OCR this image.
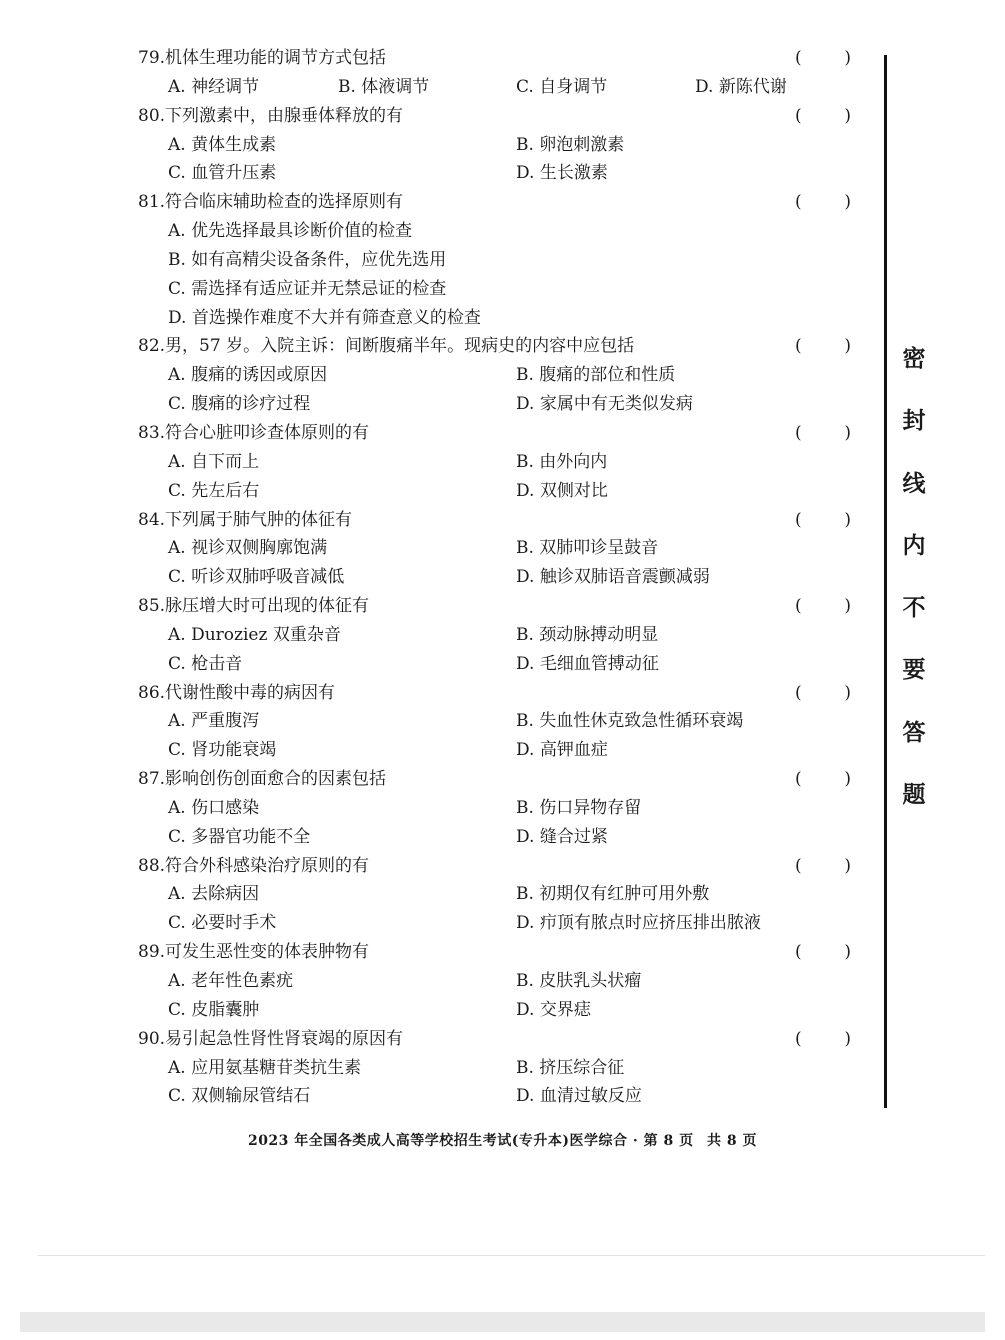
79.机体生理功能的调节方式包括	(	)
A. 神经调节	B. 体液调节	C. 自身调节	D. 新陈代谢
80.下列激素中，由腺垂体释放的有	(	)
A. 黄体生成素	B. 卵泡刺激素
C. 血管升压素	D. 生长激素
81.符合临床辅助检查的选择原则有	(	)
A. 优先选择最具诊断价值的检查
B. 如有高精尖设备条件，应优先选用
C. 需选择有适应证并无禁忌证的检查
D. 首选操作难度不大并有筛查意义的检查
82.男，57 岁。入院主诉：间断腹痛半年。现病史的内容中应包括	(	)
A. 腹痛的诱因或原因	B. 腹痛的部位和性质
C. 腹痛的诊疗过程	D. 家属中有无类似发病
83.符合心脏叩诊查体原则的有	(	)
A. 自下而上	B. 由外向内
C. 先左后右	D. 双侧对比
84.下列属于肺气肿的体征有	(	)
A. 视诊双侧胸廓饱满	B. 双肺叩诊呈鼓音
C. 听诊双肺呼吸音减低	D. 触诊双肺语音震颤减弱
85.脉压增大时可出现的体征有	(	)
A. Duroziez 双重杂音	B. 颈动脉搏动明显
C. 枪击音	D. 毛细血管搏动征
86.代谢性酸中毒的病因有	(	)
A. 严重腹泻	B. 失血性休克致急性循环衰竭
C. 肾功能衰竭	D. 高钾血症
87.影响创伤创面愈合的因素包括	(	)
A. 伤口感染	B. 伤口异物存留
C. 多器官功能不全	D. 缝合过紧
88.符合外科感染治疗原则的有	(	)
A. 去除病因	B. 初期仅有红肿可用外敷
C. 必要时手术	D. 疖顶有脓点时应挤压排出脓液
89.可发生恶性变的体表肿物有	(	)
A. 老年性色素疣	B. 皮肤乳头状瘤
C. 皮脂囊肿	D. 交界痣
90.易引起急性肾性肾衰竭的原因有	(	)
A. 应用氨基糖苷类抗生素	B. 挤压综合征
C. 双侧输尿管结石	D. 血清过敏反应
密
封
线
内
不
要
答
题
2023 年全国各类成人高等学校招生考试(专升本)医学综合 · 第 8 页 共 8 页
